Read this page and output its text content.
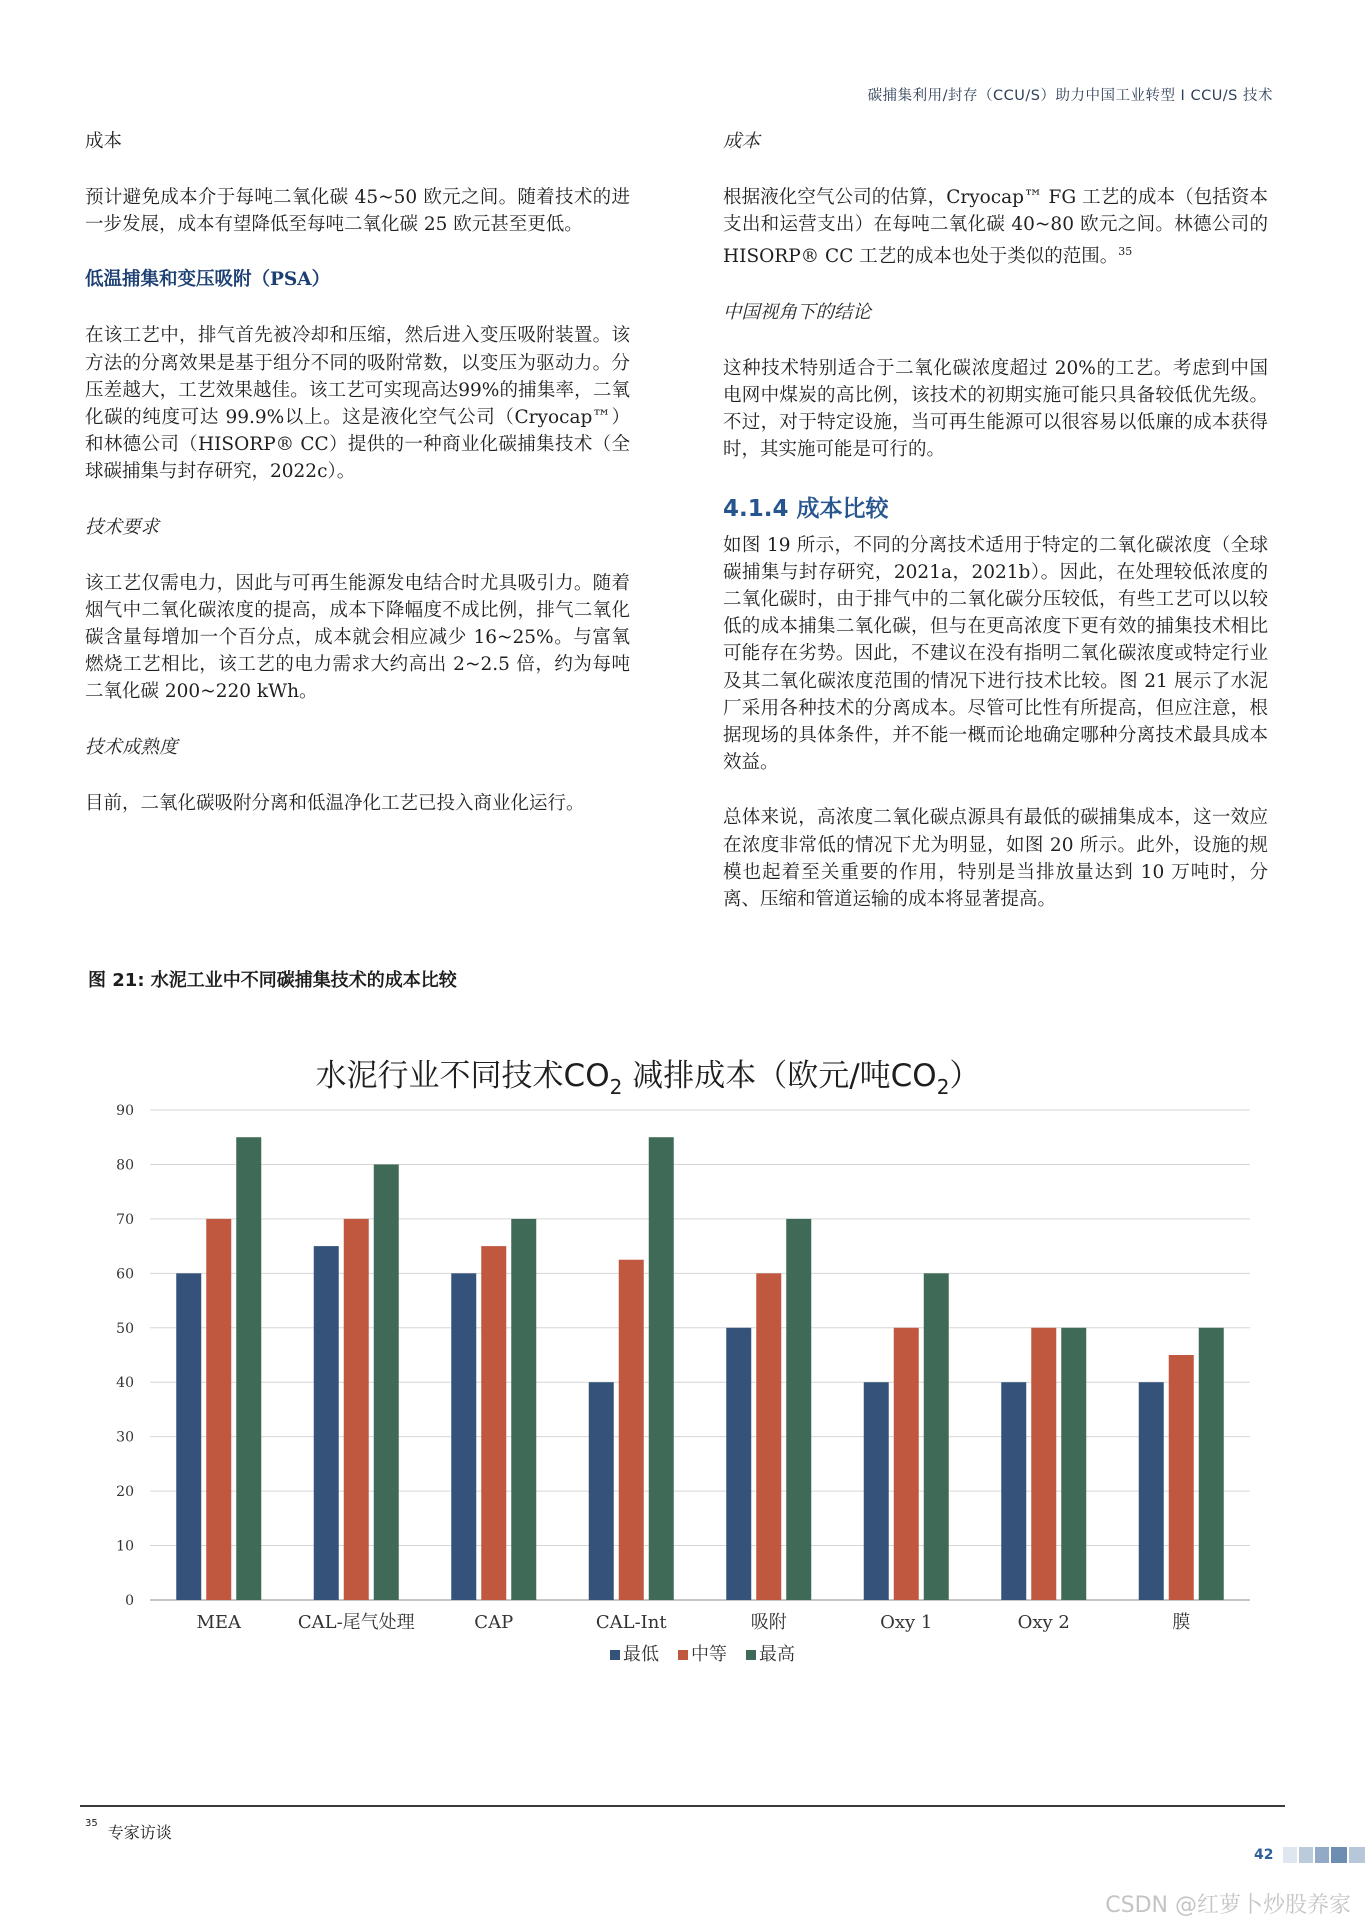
碳捕集利用/封存（CCU/S）助力中国工业转型 I CCU/S 技术
成本

预计避免成本介于每吨二氧化碳 45~50 欧元之间。随着技术的进一步发展，成本有望降低至每吨二氧化碳 25 欧元甚至更低。

低温捕集和变压吸附（PSA）

在该工艺中，排气首先被冷却和压缩，然后进入变压吸附装置。该方法的分离效果是基于组分不同的吸附常数，以变压为驱动力。分压差越大，工艺效果越佳。该工艺可实现高达99%的捕集率，二氧化碳的纯度可达 99.9%以上。这是液化空气公司（Cryocap™）和林德公司（HISORP® CC）提供的一种商业化碳捕集技术（全球碳捕集与封存研究，2022c）。

技术要求

该工艺仅需电力，因此与可再生能源发电结合时尤具吸引力。随着烟气中二氧化碳浓度的提高，成本下降幅度不成比例，排气二氧化碳含量每增加一个百分点，成本就会相应减少 16~25%。与富氧燃烧工艺相比，该工艺的电力需求大约高出 2~2.5 倍，约为每吨二氧化碳 200~220 kWh。

技术成熟度

目前，二氧化碳吸附分离和低温净化工艺已投入商业化运行。

成本

根据液化空气公司的估算，Cryocap™ FG 工艺的成本（包括资本支出和运营支出）在每吨二氧化碳 40~80 欧元之间。林德公司的 HISORP® CC 工艺的成本也处于类似的范围。$^{35}$

中国视角下的结论

这种技术特别适合于二氧化碳浓度超过 20%的工艺。考虑到中国电网中煤炭的高比例，该技术的初期实施可能只具备较低优先级。不过，对于特定设施，当可再生能源可以很容易以低廉的成本获得时，其实施可能是可行的。

4.1.4 成本比较

如图 19 所示，不同的分离技术适用于特定的二氧化碳浓度（全球碳捕集与封存研究，2021a，2021b）。因此，在处理较低浓度的二氧化碳时，由于排气中的二氧化碳分压较低，有些工艺可以以较低的成本捕集二氧化碳，但与在更高浓度下更有效的捕集技术相比可能存在劣势。因此，不建议在没有指明二氧化碳浓度或特定行业及其二氧化碳浓度范围的情况下进行技术比较。图 21 展示了水泥厂采用各种技术的分离成本。尽管可比性有所提高，但应注意，根据现场的具体条件，并不能一概而论地确定哪种分离技术最具成本效益。

总体来说，高浓度二氧化碳点源具有最低的碳捕集成本，这一效应在浓度非常低的情况下尤为明显，如图 20 所示。此外，设施的规模也起着至关重要的作用，特别是当排放量达到 10 万吨时，分离、压缩和管道运输的成本将显著提高。

图 21: 水泥工业中不同碳捕集技术的成本比较
水泥行业不同技术$CO_2$ 减排成本（欧元/吨$CO_2$）
0
10
20
30
40
50
60
70
80
90
MEA	CAL-尾气处理	CAP	CAL-Int	吸附	Oxy 1	Oxy 2	膜
最低 中等 最高
$^{35}$ 专家访谈
42
CSDN @红萝卜炒股养家
